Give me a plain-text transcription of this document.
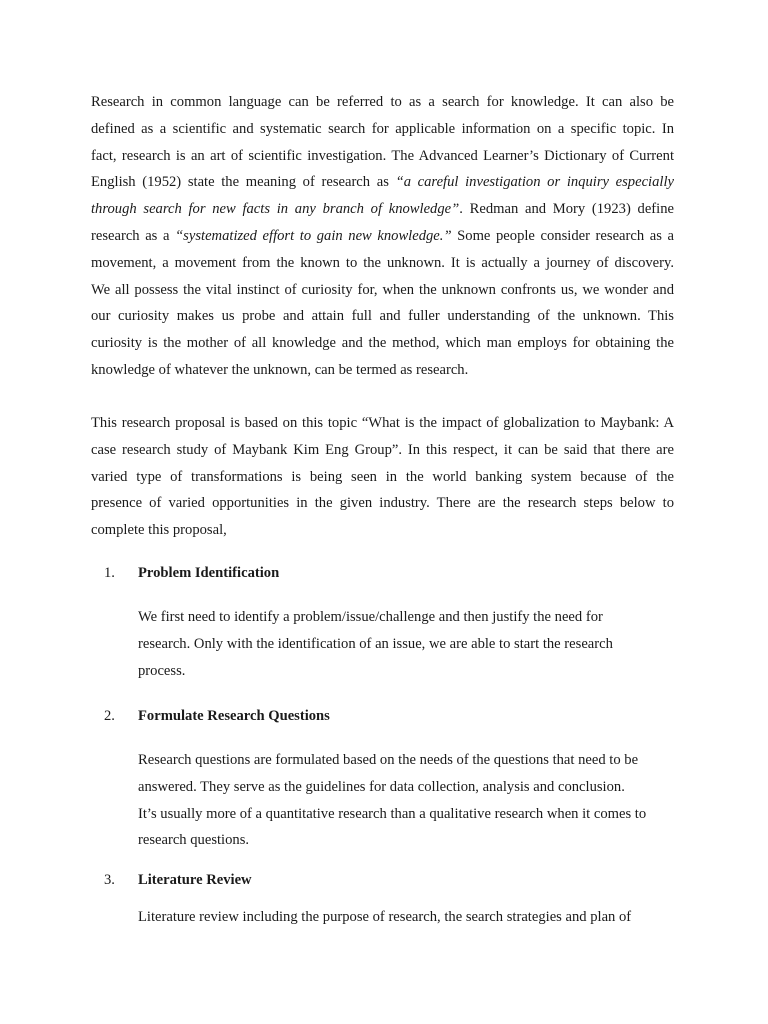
Research in common language can be referred to as a search for knowledge. It can also be
defined as a scientific and systematic search for applicable information on a specific topic. In
fact, research is an art of scientific investigation. The Advanced Learner’s Dictionary of Current
English (1952) state the meaning of research as “a careful investigation or inquiry especially
through search for new facts in any branch of knowledge”. Redman and Mory (1923) define
research as a “systematized effort to gain new knowledge.” Some people consider research as a
movement, a movement from the known to the unknown. It is actually a journey of discovery.
We all possess the vital instinct of curiosity for, when the unknown confronts us, we wonder and
our curiosity makes us probe and attain full and fuller understanding of the unknown. This
curiosity is the mother of all knowledge and the method, which man employs for obtaining the
knowledge of whatever the unknown, can be termed as research.

This research proposal is based on this topic “What is the impact of globalization to Maybank: A
case research study of Maybank Kim Eng Group”. In this respect, it can be said that there are
varied type of transformations is being seen in the world banking system because of the
presence of varied opportunities in the given industry. There are the research steps below to
complete this proposal,

1. Problem Identification

We first need to identify a problem/issue/challenge and then justify the need for
research. Only with the identification of an issue, we are able to start the research
process.

2. Formulate Research Questions

Research questions are formulated based on the needs of the questions that need to be
answered. They serve as the guidelines for data collection, analysis and conclusion.
It’s usually more of a quantitative research than a qualitative research when it comes to
research questions.

3. Literature Review

Literature review including the purpose of research, the search strategies and plan of
